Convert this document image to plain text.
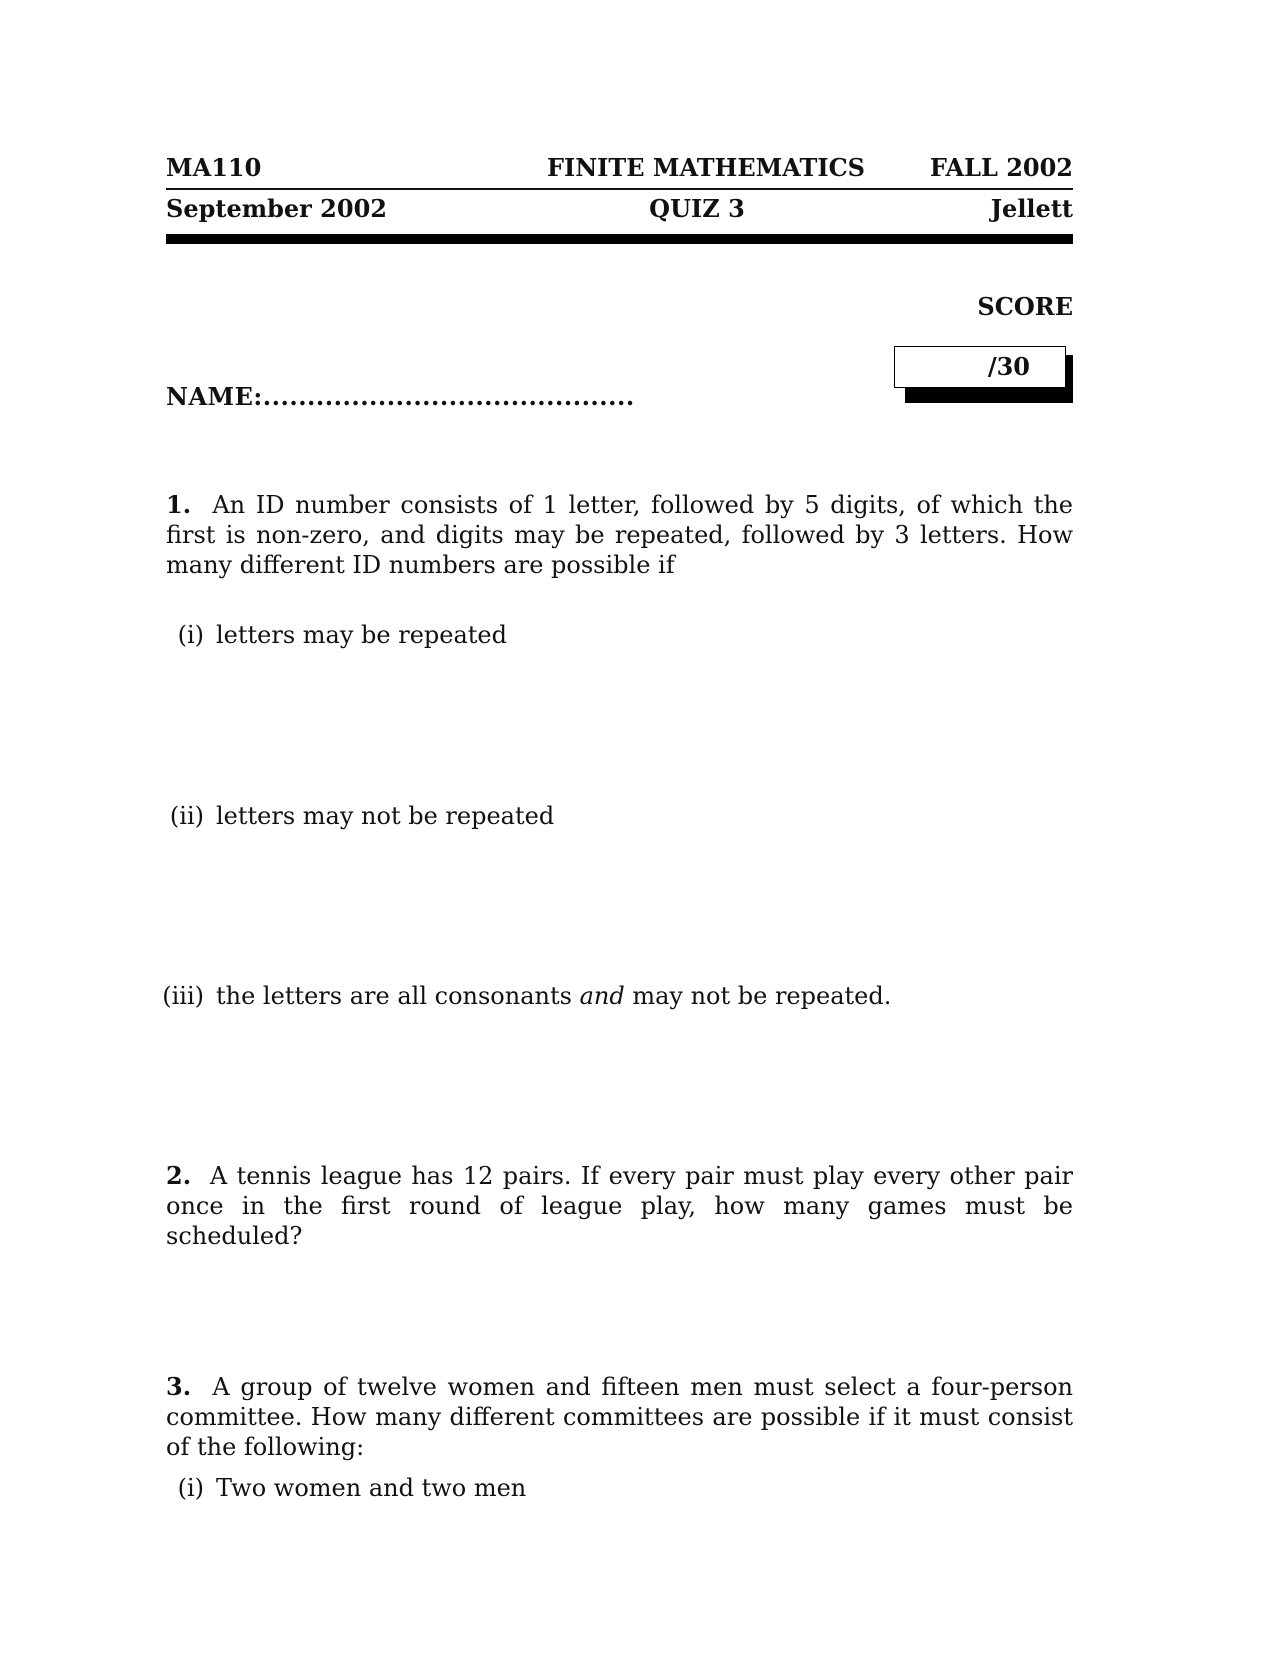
MA110	FINITE MATHEMATICS	FALL 2002
September 2002	QUIZ 3	Jellett
SCORE
/30
NAME:..........................................
1. An ID number consists of 1 letter, followed by 5 digits, of which the first is non-zero, and digits may be repeated, followed by 3 letters. How many different ID numbers are possible if
(i) letters may be repeated
(ii) letters may not be repeated
(iii) the letters are all consonants and may not be repeated.
2. A tennis league has 12 pairs. If every pair must play every other pair once in the first round of league play, how many games must be scheduled?
3. A group of twelve women and fifteen men must select a four-person committee. How many different committees are possible if it must consist of the following:
(i) Two women and two men
